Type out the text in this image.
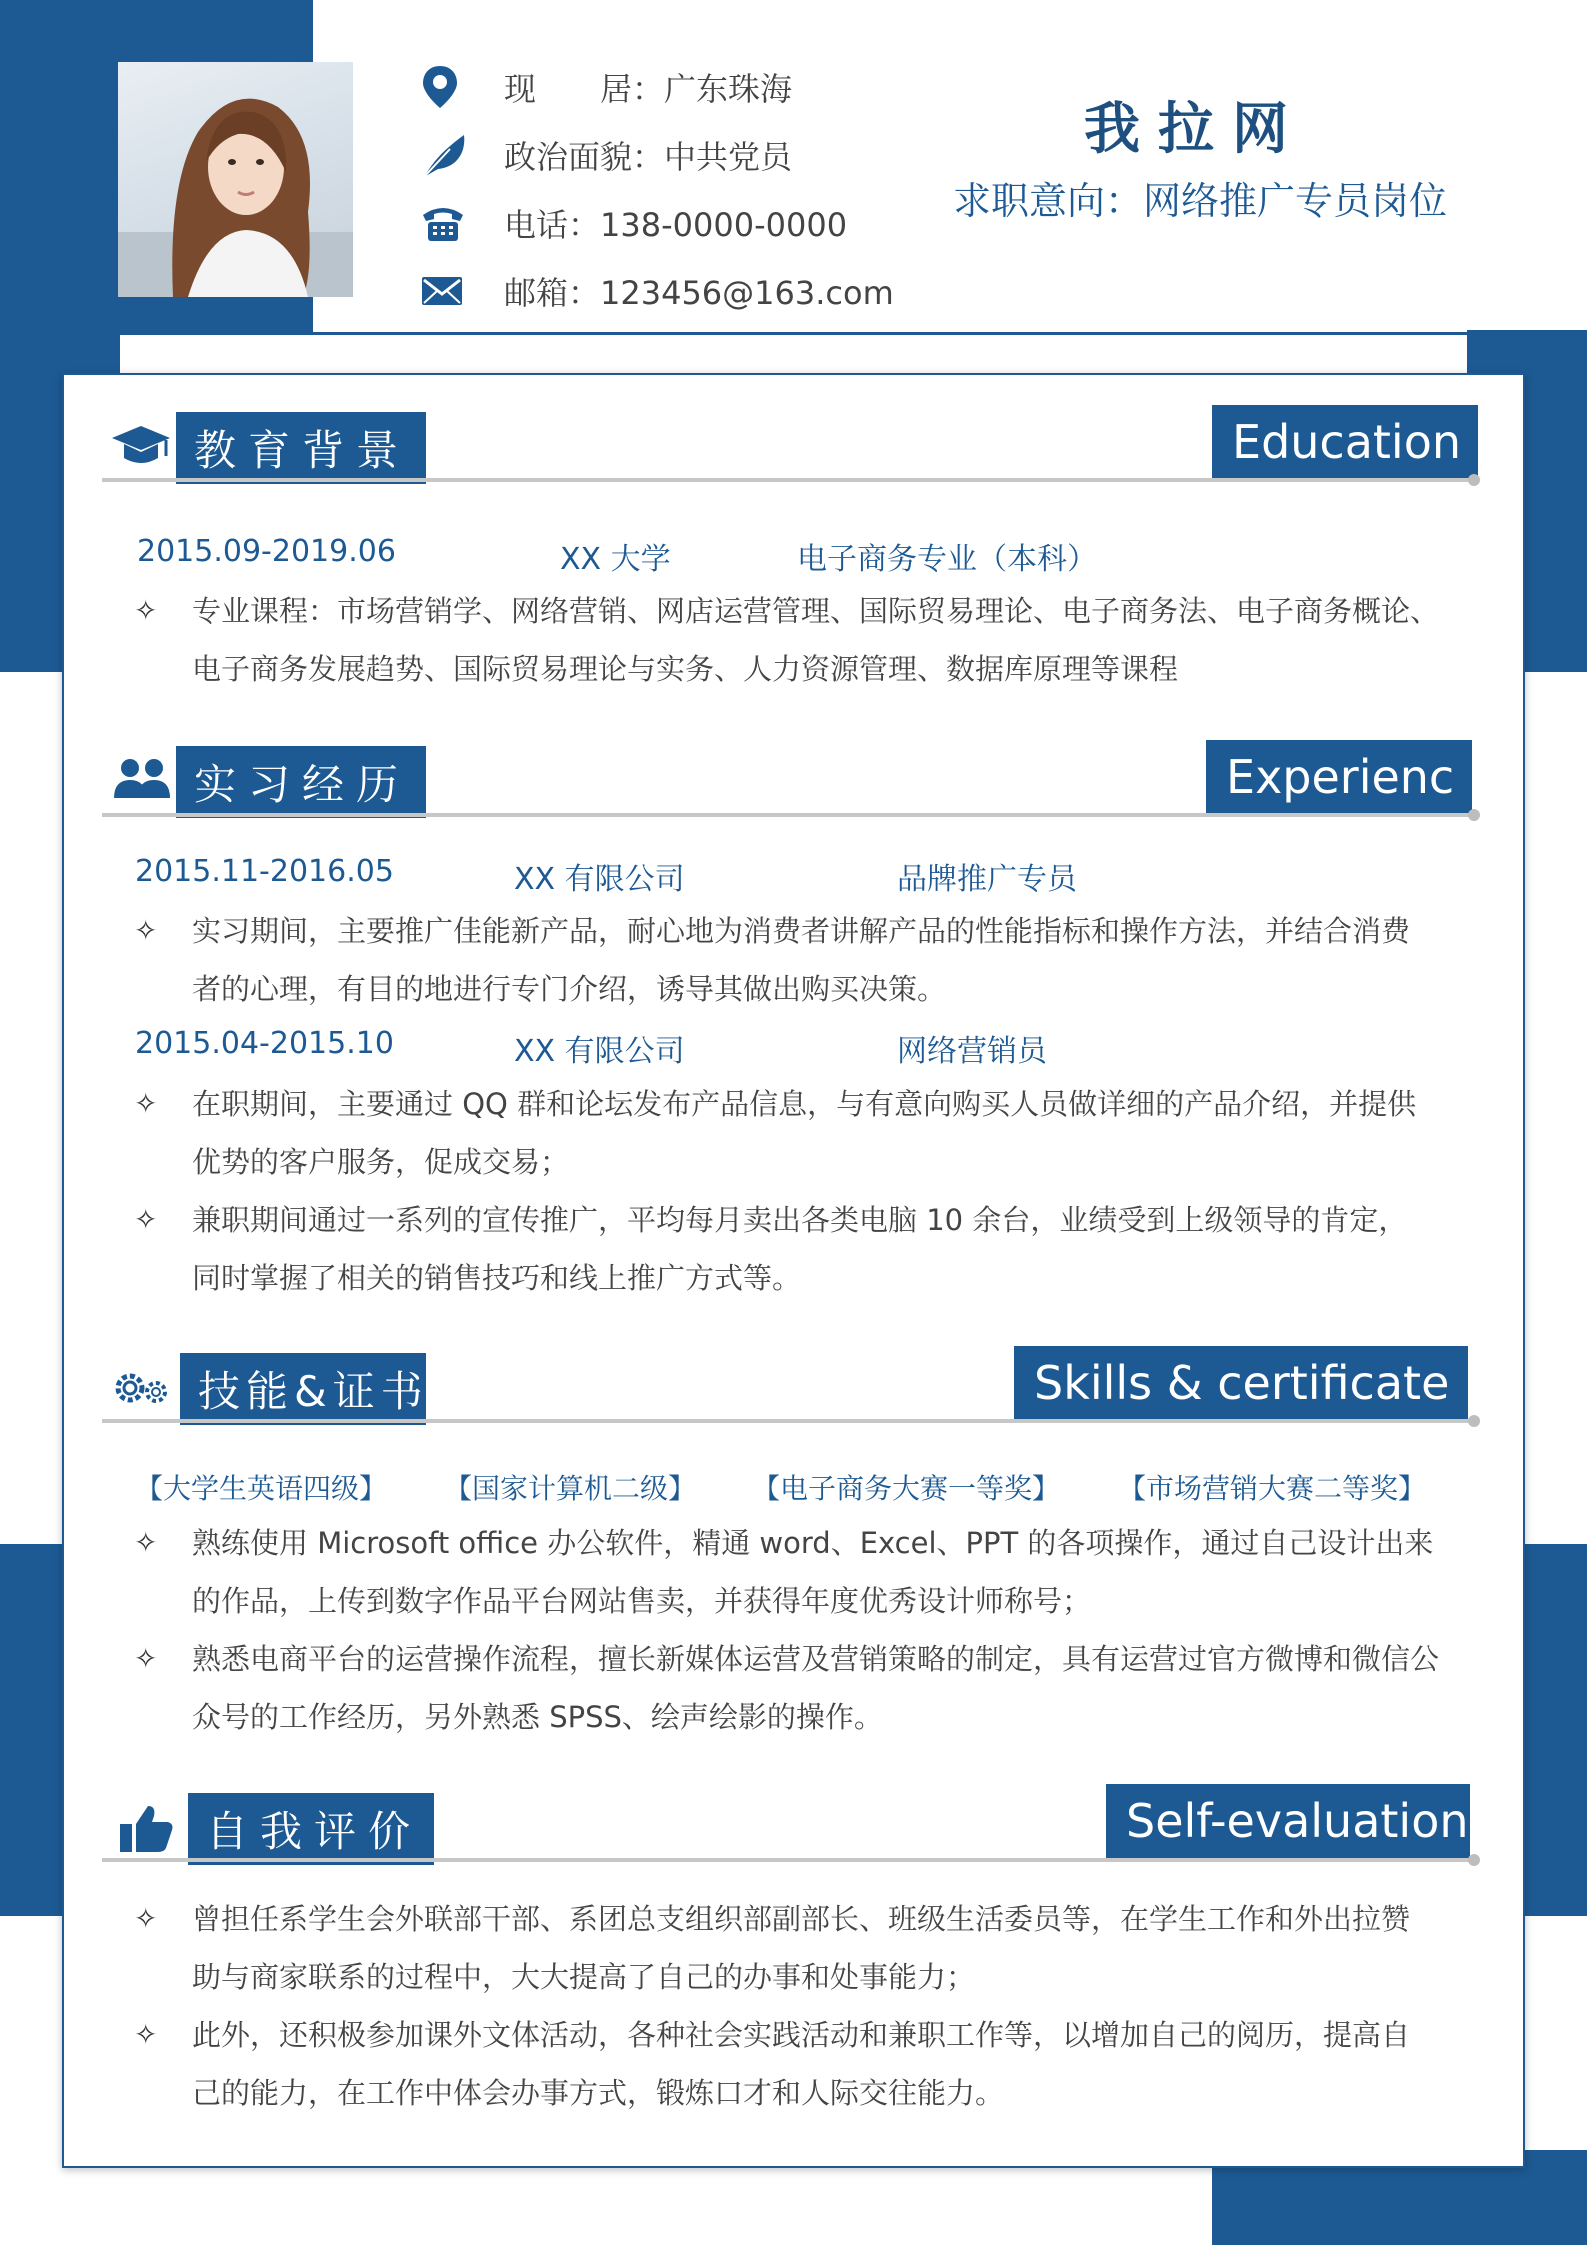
现　　居：广东珠海
政治面貌：中共党员
电话：138-0000-0000
邮箱：123456@163.com
我拉网
求职意向：网络推广专员岗位
教育背景	Education
2015.09-2019.06	XX 大学	电子商务专业（本科）
✧ 专业课程：市场营销学、网络营销、网店运营管理、国际贸易理论、电子商务法、电子商务概论、
电子商务发展趋势、国际贸易理论与实务、人力资源管理、数据库原理等课程
实习经历	Experienc
2015.11-2016.05	XX 有限公司	品牌推广专员
✧ 实习期间，主要推广佳能新产品，耐心地为消费者讲解产品的性能指标和操作方法，并结合消费
者的心理，有目的地进行专门介绍，诱导其做出购买决策。
2015.04-2015.10	XX 有限公司	网络营销员
✧ 在职期间，主要通过 QQ 群和论坛发布产品信息，与有意向购买人员做详细的产品介绍，并提供
优势的客户服务，促成交易；
✧ 兼职期间通过一系列的宣传推广，平均每月卖出各类电脑 10 余台，业绩受到上级领导的肯定，
同时掌握了相关的销售技巧和线上推广方式等。
技能&证书	Skills & certificate
【大学生英语四级】 【国家计算机二级】 【电子商务大赛一等奖】 【市场营销大赛二等奖】
✧ 熟练使用 Microsoft office 办公软件，精通 word、Excel、PPT 的各项操作，通过自己设计出来
的作品，上传到数字作品平台网站售卖，并获得年度优秀设计师称号；
✧ 熟悉电商平台的运营操作流程，擅长新媒体运营及营销策略的制定，具有运营过官方微博和微信公
众号的工作经历，另外熟悉 SPSS、绘声绘影的操作。
自我评价	Self-evaluation
✧ 曾担任系学生会外联部干部、系团总支组织部副部长、班级生活委员等，在学生工作和外出拉赞
助与商家联系的过程中，大大提高了自己的办事和处事能力；
✧ 此外，还积极参加课外文体活动，各种社会实践活动和兼职工作等，以增加自己的阅历，提高自
己的能力，在工作中体会办事方式，锻炼口才和人际交往能力。
